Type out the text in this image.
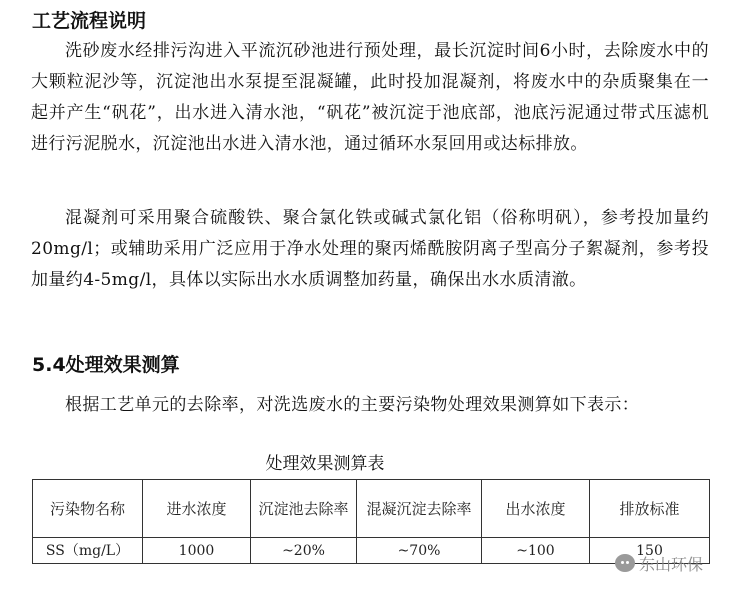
工艺流程说明

洗砂废水经排污沟进入平流沉砂池进行预处理，最长沉淀时间6小时，去除废水中的大颗粒泥沙等，沉淀池出水泵提至混凝罐，此时投加混凝剂，将废水中的杂质聚集在一起并产生“矾花”，出水进入清水池，“矾花”被沉淀于池底部，池底污泥通过带式压滤机进行污泥脱水，沉淀池出水进入清水池，通过循环水泵回用或达标排放。

混凝剂可采用聚合硫酸铁、聚合氯化铁或碱式氯化铝（俗称明矾），参考投加量约20mg/l；或辅助采用广泛应用于净水处理的聚丙烯酰胺阴离子型高分子絮凝剂，参考投加量约4-5mg/l，具体以实际出水水质调整加药量，确保出水水质清澈。

5.4处理效果测算

根据工艺单元的去除率，对洗选废水的主要污染物处理效果测算如下表示：

处理效果测算表
污染物名称	进水浓度	沉淀池去除率	混凝沉淀去除率	出水浓度	排放标准
SS（mg/L）	1000	~20%	~70%	~100	150
东山环保
